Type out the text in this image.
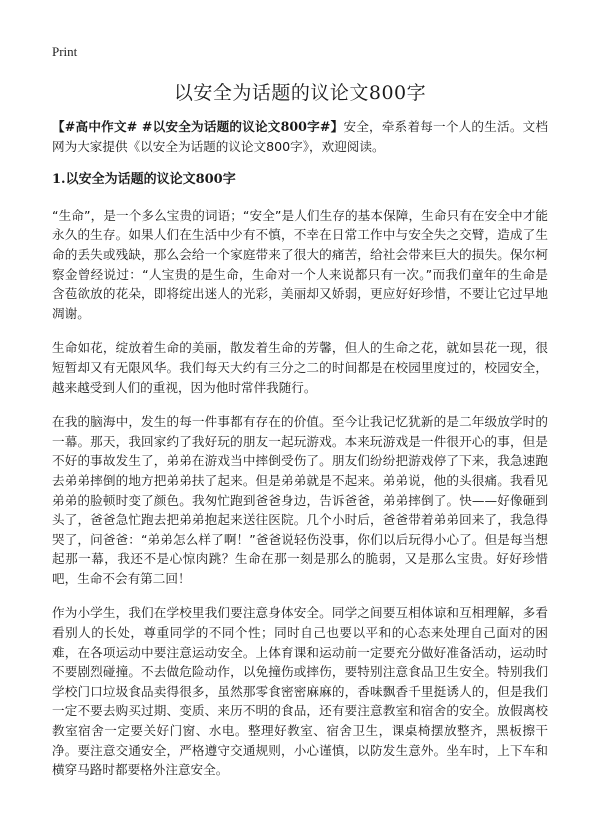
Print
以安全为话题的议论文800字

【#高中作文# #以安全为话题的议论文800字#】安全，牵系着每一个人的生活。文档网为大家提供《以安全为话题的议论文800字》，欢迎阅读。

1.以安全为话题的议论文800字

“生命”，是一个多么宝贵的词语；“安全”是人们生存的基本保障，生命只有在安全中才能永久的生存。如果人们在生活中少有不慎，不幸在日常工作中与安全失之交臂，造成了生命的丢失或残缺，那么会给一个家庭带来了很大的痛苦，给社会带来巨大的损失。保尔柯察金曾经说过：“人宝贵的是生命，生命对一个人来说都只有一次。”而我们童年的生命是含苞欲放的花朵，即将绽出迷人的光彩，美丽却又娇弱，更应好好珍惜，不要让它过早地凋谢。

生命如花，绽放着生命的美丽，散发着生命的芳馨，但人的生命之花，就如昙花一现，很短暂却又有无限风华。我们每天大约有三分之二的时间都是在校园里度过的，校园安全，越来越受到人们的重视，因为他时常伴我随行。

在我的脑海中，发生的每一件事都有存在的价值。至今让我记忆犹新的是二年级放学时的一幕。那天，我回家约了我好玩的朋友一起玩游戏。本来玩游戏是一件很开心的事，但是不好的事故发生了，弟弟在游戏当中摔倒受伤了。朋友们纷纷把游戏停了下来，我急速跑去弟弟摔倒的地方把弟弟扶了起来。但是弟弟就是不起来。弟弟说，他的头很痛。我看见弟弟的脸顿时变了颜色。我匆忙跑到爸爸身边，告诉爸爸，弟弟摔倒了。快——好像砸到头了，爸爸急忙跑去把弟弟抱起来送往医院。几个小时后，爸爸带着弟弟回来了，我急得哭了，问爸爸：“弟弟怎么样了啊！”爸爸说轻伤没事，你们以后玩得小心了。但是每当想起那一幕，我还不是心惊肉跳？生命在那一刻是那么的脆弱，又是那么宝贵。好好珍惜吧，生命不会有第二回！

作为小学生，我们在学校里我们要注意身体安全。同学之间要互相体谅和互相理解，多看看别人的长处，尊重同学的不同个性；同时自己也要以平和的心态来处理自己面对的困难，在各项运动中要注意运动安全。上体育课和运动前一定要充分做好准备活动，运动时不要剧烈碰撞。不去做危险动作，以免撞伤或摔伤，要特别注意食品卫生安全。特别我们学校门口垃圾食品卖得很多，虽然那零食密密麻麻的，香味飘香千里挺诱人的，但是我们一定不要去购买过期、变质、来历不明的食品，还有要注意教室和宿舍的安全。放假离校教室宿舍一定要关好门窗、水电。整理好教室、宿舍卫生，课桌椅摆放整齐，黑板擦干净。要注意交通安全，严格遵守交通规则，小心谨慎，以防发生意外。坐车时，上下车和横穿马路时都要格外注意安全。
